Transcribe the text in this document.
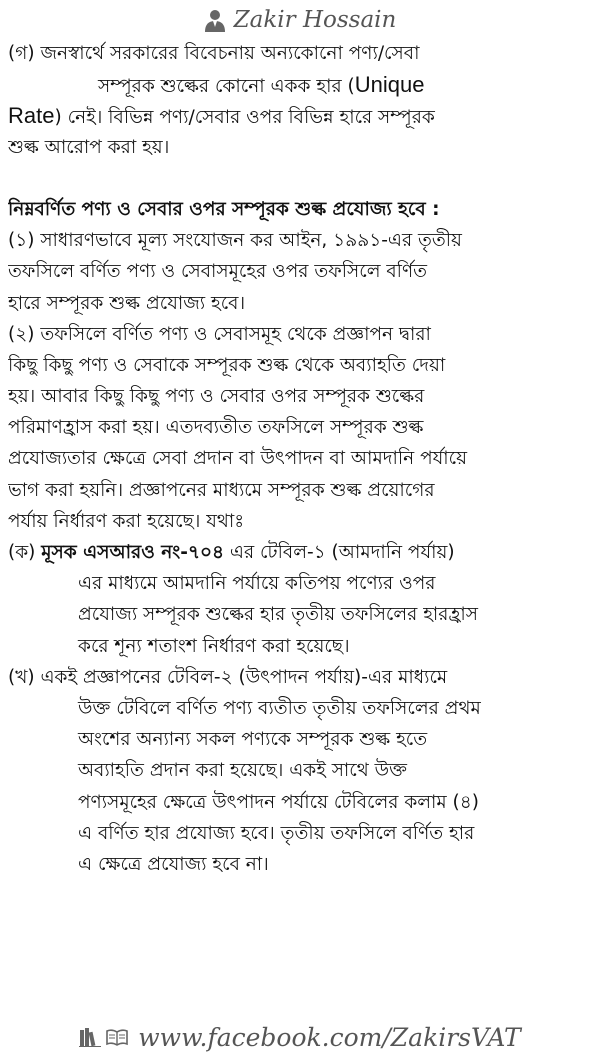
Zakir Hossain
(গ) জনস্বার্থে সরকারের বিবেচনায় অন্যকোনো পণ্য/সেবা
সম্পূরক শুল্কের কোনো একক হার (Unique
Rate) নেই। বিভিন্ন পণ্য/সেবার ওপর বিভিন্ন হারে সম্পূরক
শুল্ক আরোপ করা হয়।
নিম্নবর্ণিত পণ্য ও সেবার ওপর সম্পূরক শুল্ক প্রযোজ্য হবে :
(১) সাধারণভাবে মূল্য সংযোজন কর আইন, ১৯৯১-এর তৃতীয়
তফসিলে বর্ণিত পণ্য ও সেবাসমূহের ওপর তফসিলে বর্ণিত
হারে সম্পূরক শুল্ক প্রযোজ্য হবে।
(২) তফসিলে বর্ণিত পণ্য ও সেবাসমূহ থেকে প্রজ্ঞাপন দ্বারা
কিছু কিছু পণ্য ও সেবাকে সম্পূরক শুল্ক থেকে অব্যাহতি দেয়া
হয়। আবার কিছু কিছু পণ্য ও সেবার ওপর সম্পূরক শুল্কের
পরিমাণহ্রাস করা হয়। এতদব্যতীত তফসিলে সম্পূরক শুল্ক
প্রযোজ্যতার ক্ষেত্রে সেবা প্রদান বা উৎপাদন বা আমদানি পর্যায়ে
ভাগ করা হয়নি। প্রজ্ঞাপনের মাধ্যমে সম্পূরক শুল্ক প্রয়োগের
পর্যায় নির্ধারণ করা হয়েছে। যথাঃ
(ক) মূসক এসআরও নং-৭০৪ এর টেবিল-১ (আমদানি পর্যায়)
এর মাধ্যমে আমদানি পর্যায়ে কতিপয় পণ্যের ওপর
প্রযোজ্য সম্পূরক শুল্কের হার তৃতীয় তফসিলের হারহ্রাস
করে শূন্য শতাংশ নির্ধারণ করা হয়েছে।
(খ) একই প্রজ্ঞাপনের টেবিল-২ (উৎপাদন পর্যায়)-এর মাধ্যমে
উক্ত টেবিলে বর্ণিত পণ্য ব্যতীত তৃতীয় তফসিলের প্রথম
অংশের অন্যান্য সকল পণ্যকে সম্পূরক শুল্ক হতে
অব্যাহতি প্রদান করা হয়েছে। একই সাথে উক্ত
পণ্যসমূহের ক্ষেত্রে উৎপাদন পর্যায়ে টেবিলের কলাম (৪)
এ বর্ণিত হার প্রযোজ্য হবে। তৃতীয় তফসিলে বর্ণিত হার
এ ক্ষেত্রে প্রযোজ্য হবে না।
www.facebook.com/ZakirsVAT
